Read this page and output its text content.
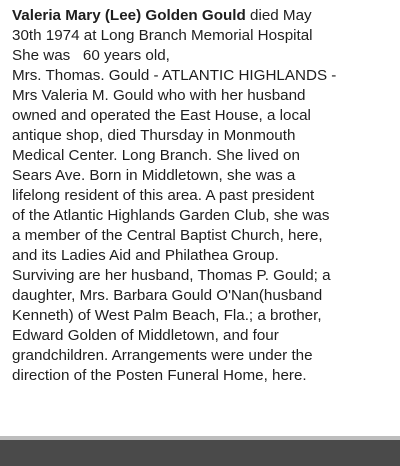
Valeria Mary (Lee) Golden Gould died May
30th 1974 at Long Branch Memorial Hospital
She was   60 years old,
Mrs. Thomas. Gould - ATLANTIC HIGHLANDS -
Mrs Valeria M. Gould who with her husband
owned and operated the East House, a local
antique shop, died Thursday in Monmouth
Medical Center. Long Branch. She lived on
Sears Ave. Born in Middletown, she was a
lifelong resident of this area. A past president
of the Atlantic Highlands Garden Club, she was
a member of the Central Baptist Church, here,
and its Ladies Aid and Philathea Group.
Surviving are her husband, Thomas P. Gould; a
daughter, Mrs. Barbara Gould O'Nan(husband
Kenneth) of West Palm Beach, Fla.; a brother,
Edward Golden of Middletown, and four
grandchildren. Arrangements were under the
direction of the Posten Funeral Home, here.
